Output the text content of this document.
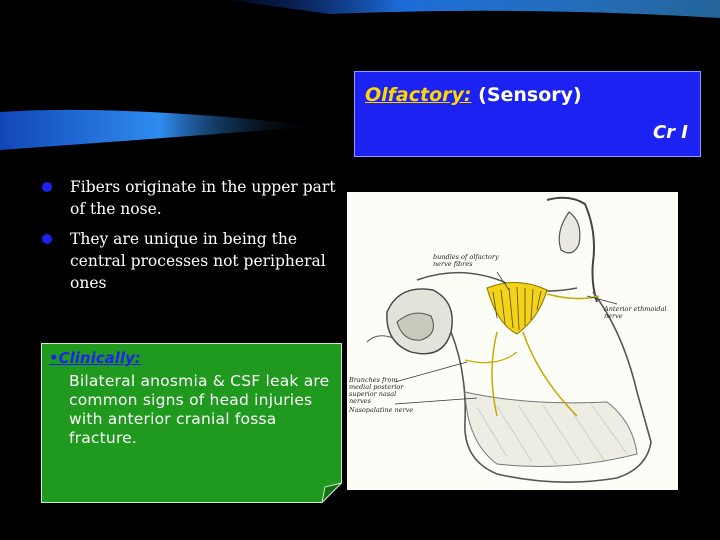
Olfactory: (Sensory)
Cr I
Fibers originate in the upper part of the nose.
They are unique in being the central processes not peripheral ones
•Clinically:
Bilateral anosmia & CSF leak are common signs of head injuries with anterior cranial fossa fracture.
bundles of olfactory nerve fibres
Anterior ethmoidal nerve
Branches from medial posterior superior nasal nerves
Nasopalatine nerve
